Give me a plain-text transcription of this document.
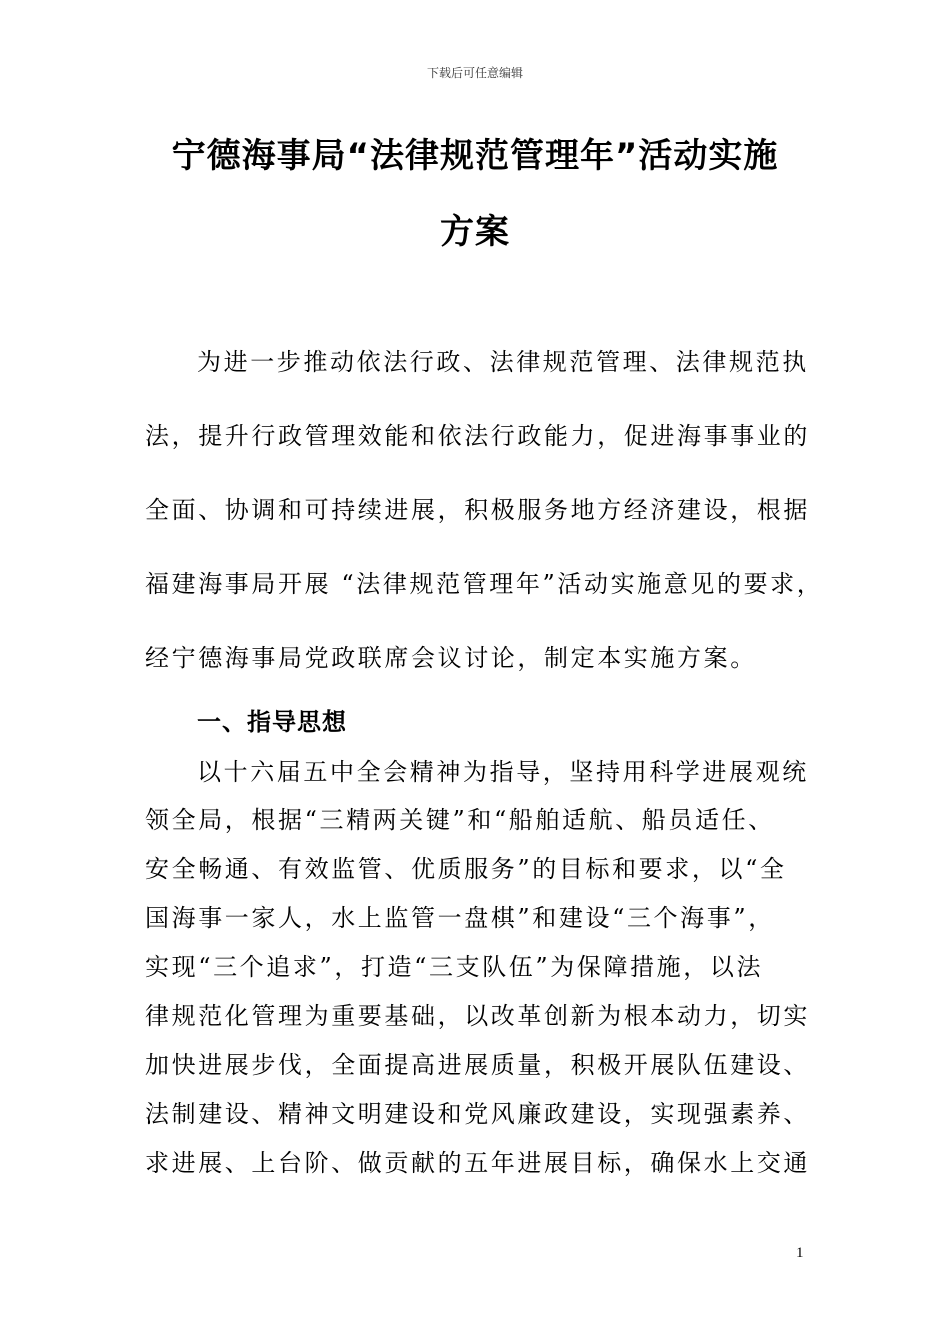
下载后可任意编辑
宁德海事局“法律规范管理年”活动实施
方案
为进一步推动依法行政、法律规范管理、法律规范执
法，提升行政管理效能和依法行政能力，促进海事事业的
全面、协调和可持续进展，积极服务地方经济建设，根据
福建海事局开展 “法律规范管理年”活动实施意见的要求，
经宁德海事局党政联席会议讨论，制定本实施方案。
一、指导思想
以十六届五中全会精神为指导，坚持用科学进展观统
领全局，根据“三精两关键”和“船舶适航、船员适任、
安全畅通、有效监管、优质服务”的目标和要求，以“全
国海事一家人，水上监管一盘棋”和建设“三个海事”，
实现“三个追求”，打造“三支队伍”为保障措施，以法
律规范化管理为重要基础，以改革创新为根本动力，切实
加快进展步伐，全面提高进展质量，积极开展队伍建设、
法制建设、精神文明建设和党风廉政建设，实现强素养、
求进展、上台阶、做贡献的五年进展目标，确保水上交通
1
